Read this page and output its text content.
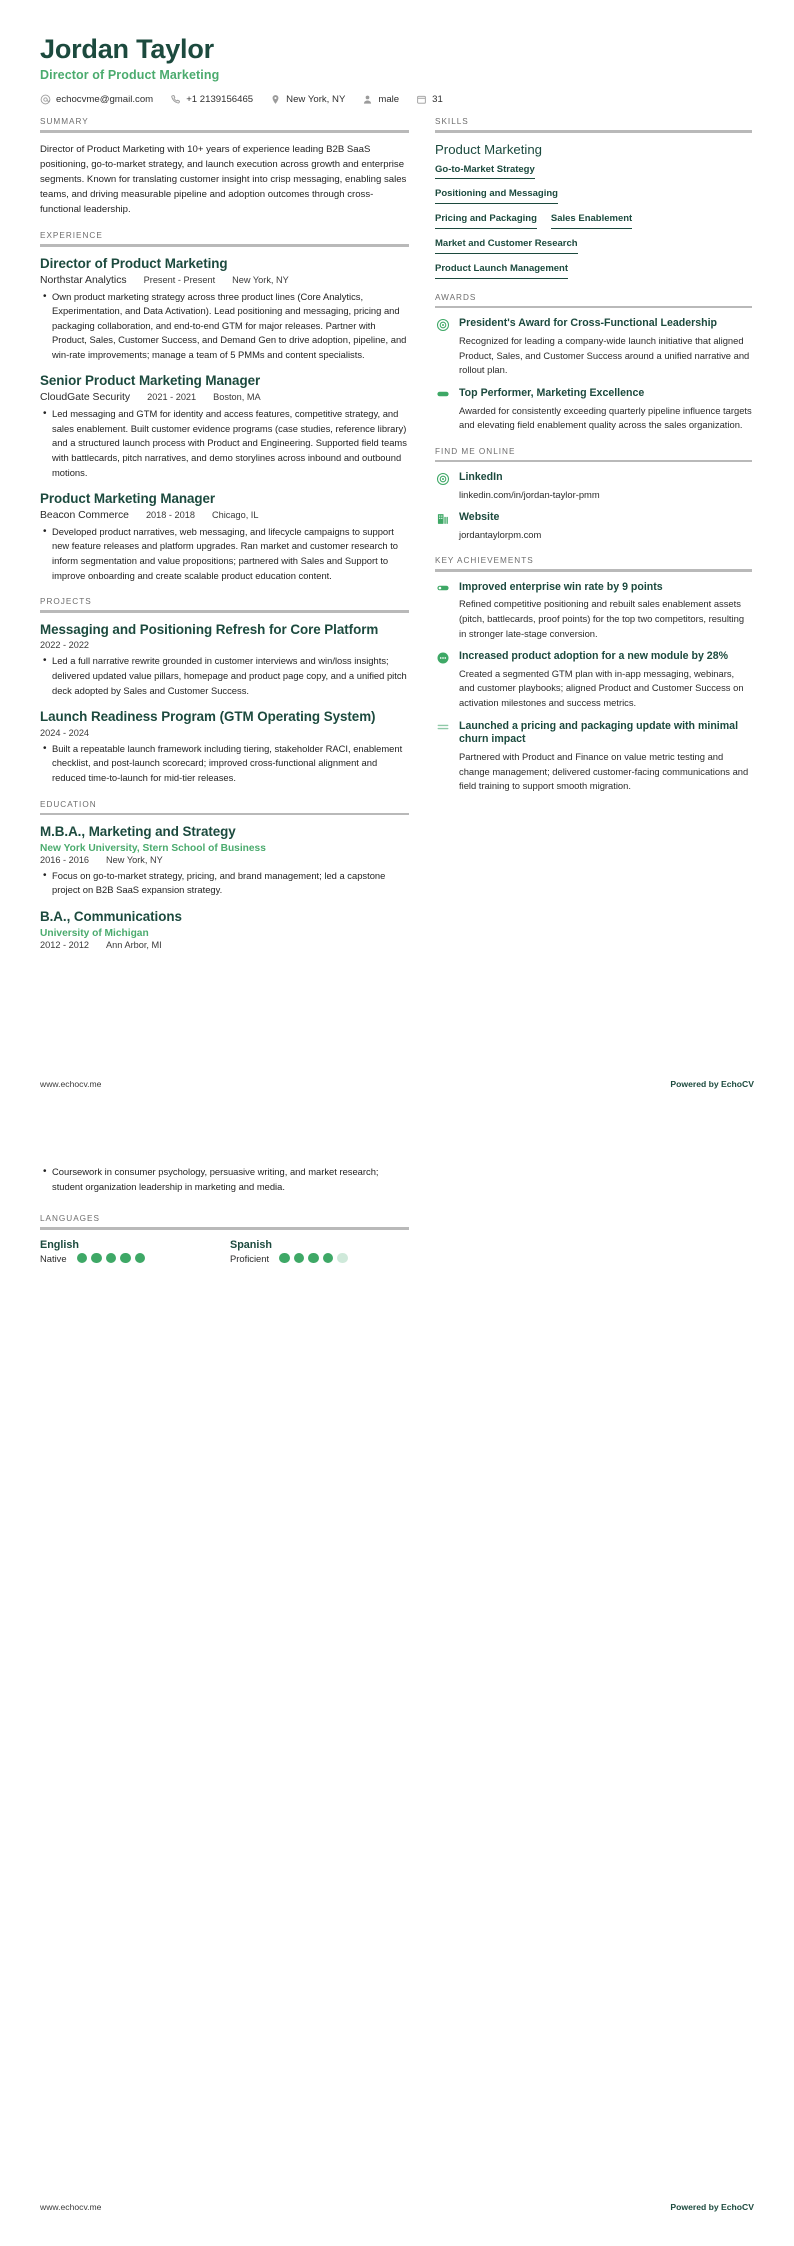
Jordan Taylor
Director of Product Marketing
echocvme@gmail.com	+1 2139156465	New York, NY	male	31
SUMMARY

Director of Product Marketing with 10+ years of experience leading B2B SaaS positioning, go-to-market strategy, and launch execution across growth and enterprise segments. Known for translating customer insight into crisp messaging, enabling sales teams, and driving measurable pipeline and adoption outcomes through cross-functional leadership.

EXPERIENCE
Director of Product Marketing
Northstar Analytics Present - Present New York, NY
• Own product marketing strategy across three product lines (Core Analytics, Experimentation, and Data Activation). Lead positioning and messaging, pricing and packaging collaboration, and end-to-end GTM for major releases. Partner with Product, Sales, Customer Success, and Demand Gen to drive adoption, pipeline, and win-rate improvements; manage a team of 5 PMMs and content specialists.
Senior Product Marketing Manager
CloudGate Security 2021 - 2021 Boston, MA
• Led messaging and GTM for identity and access features, competitive strategy, and sales enablement. Built customer evidence programs (case studies, reference library) and a structured launch process with Product and Engineering. Supported field teams with battlecards, pitch narratives, and demo storylines across inbound and outbound motions.
Product Marketing Manager
Beacon Commerce 2018 - 2018 Chicago, IL
• Developed product narratives, web messaging, and lifecycle campaigns to support new feature releases and platform upgrades. Ran market and customer research to inform segmentation and value propositions; partnered with Sales and Support to improve onboarding and create scalable product education content.
PROJECTS
Messaging and Positioning Refresh for Core Platform
2022 - 2022
• Led a full narrative rewrite grounded in customer interviews and win/loss insights; delivered updated value pillars, homepage and product page copy, and a unified pitch deck adopted by Sales and Customer Success.
Launch Readiness Program (GTM Operating System)
2024 - 2024
• Built a repeatable launch framework including tiering, stakeholder RACI, enablement checklist, and post-launch scorecard; improved cross-functional alignment and reduced time-to-launch for mid-tier releases.
EDUCATION
M.B.A., Marketing and Strategy
New York University, Stern School of Business
2016 - 2016 New York, NY
• Focus on go-to-market strategy, pricing, and brand management; led a capstone project on B2B SaaS expansion strategy.
B.A., Communications
University of Michigan
2012 - 2012 Ann Arbor, MI
SKILLS
Product Marketing
Go-to-Market Strategy
Positioning and Messaging
Pricing and Packaging Sales Enablement
Market and Customer Research
Product Launch Management
AWARDS
President's Award for Cross-Functional Leadership

Recognized for leading a company-wide launch initiative that aligned Product, Sales, and Customer Success around a unified narrative and rollout plan.

Top Performer, Marketing Excellence

Awarded for consistently exceeding quarterly pipeline influence targets and elevating field enablement quality across the sales organization.

FIND ME ONLINE
LinkedIn

linkedin.com/in/jordan-taylor-pmm

Website

jordantaylorpm.com

KEY ACHIEVEMENTS
Improved enterprise win rate by 9 points

Refined competitive positioning and rebuilt sales enablement assets (pitch, battlecards, proof points) for the top two competitors, resulting in stronger late-stage conversion.

Increased product adoption for a new module by 28%

Created a segmented GTM plan with in-app messaging, webinars, and customer playbooks; aligned Product and Customer Success on activation milestones and success metrics.

Launched a pricing and packaging update with minimal churn impact

Partnered with Product and Finance on value metric testing and change management; delivered customer-facing communications and field training to support smooth migration.

www.echocv.me	Powered by EchoCV
• Coursework in consumer psychology, persuasive writing, and market research; student organization leadership in marketing and media.
LANGUAGES
English
Native
Spanish
Proficient
www.echocv.me	Powered by EchoCV
